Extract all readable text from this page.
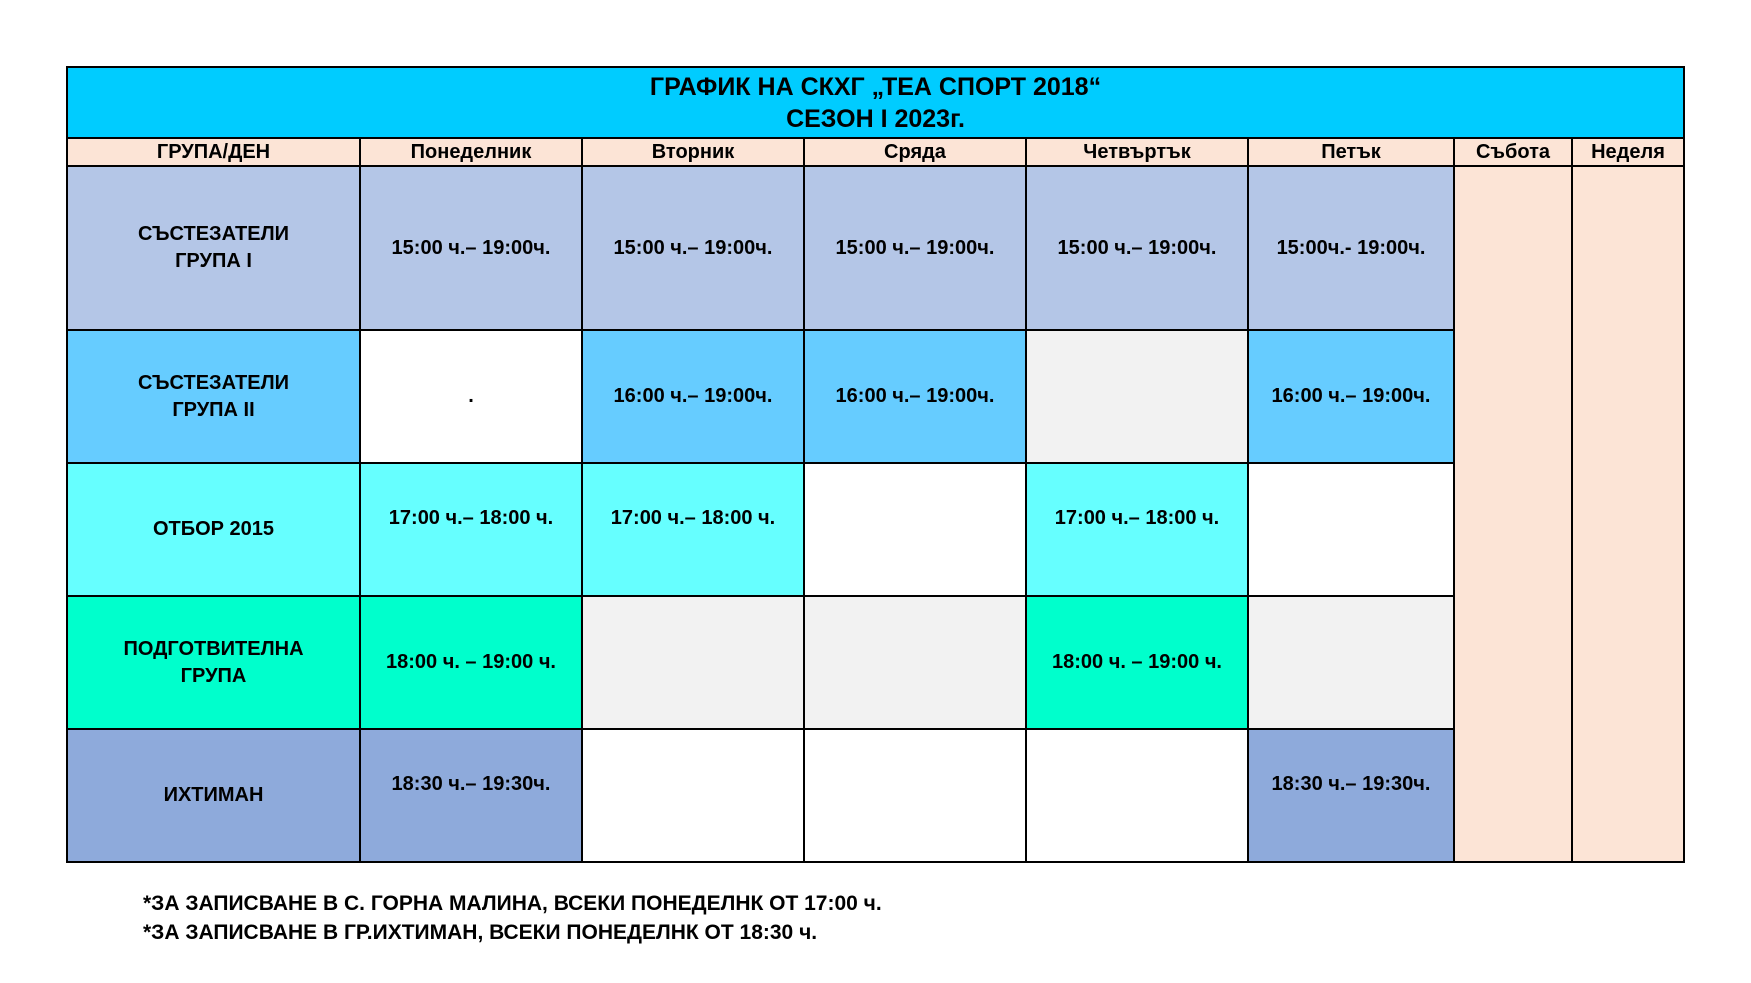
ГРАФИК НА СКХГ „ТЕА СПОРТ 2018“
СЕЗОН I 2023г.							

ГРУПА/ДЕН	Понеделник	Вторник	Сряда	Четвъртък	Петък	Събота	Неделя

СЪСТЕЗАТЕЛИ
ГРУПА I	15:00 ч.– 19:00ч.	15:00 ч.– 19:00ч.	15:00 ч.– 19:00ч.	15:00 ч.– 19:00ч.	15:00ч.- 19:00ч.		

СЪСТЕЗАТЕЛИ
ГРУПА II	.	16:00 ч.– 19:00ч.	16:00 ч.– 19:00ч.		16:00 ч.– 19:00ч.		

ОТБОР 2015	17:00 ч.– 18:00 ч.	17:00 ч.– 18:00 ч.		17:00 ч.– 18:00 ч.			

ПОДГОТВИТЕЛНА
ГРУПА	18:00 ч. – 19:00 ч.			18:00 ч. – 19:00 ч.			

ИХТИМАН	18:30 ч.– 19:30ч.				18:30 ч.– 19:30ч.		
*ЗА ЗАПИСВАНЕ В С. ГОРНА МАЛИНА, ВСЕКИ ПОНЕДЕЛНК ОТ 17:00 ч.
*ЗА ЗАПИСВАНЕ В ГР.ИХТИМАН, ВСЕКИ ПОНЕДЕЛНК ОТ 18:30 ч.
